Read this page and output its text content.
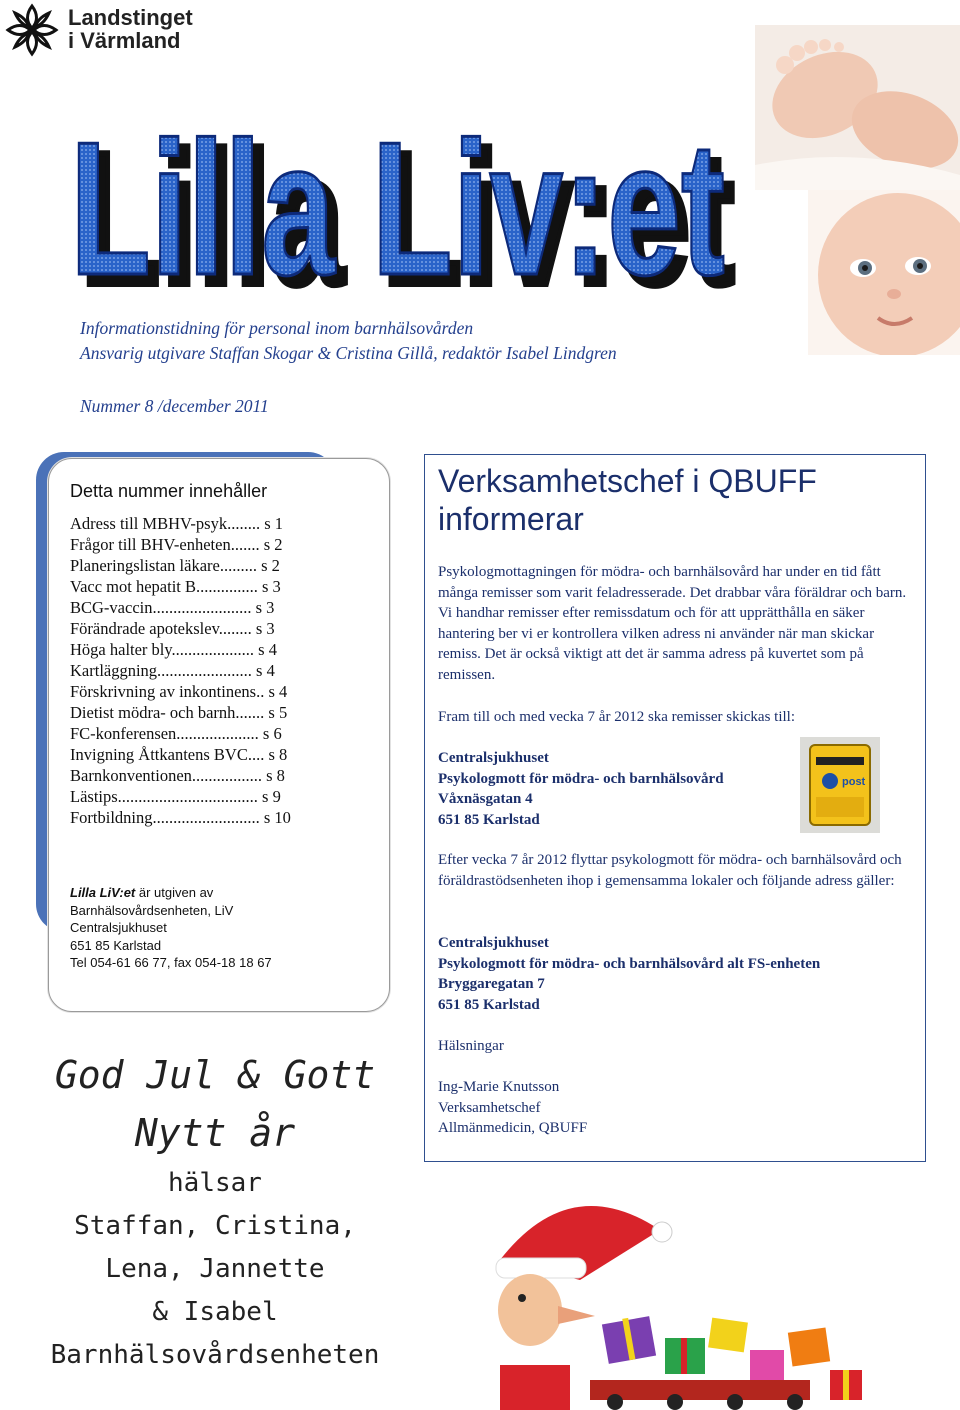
Landstinget
i Värmland
Lilla Liv:et
Lilla Liv:et
Informationstidning för personal inom barnhälsovården
Ansvarig utgivare Staffan Skogar & Cristina Gillå, redaktör Isabel Lindgren
Nummer 8 /december 2011
Detta nummer innehåller
Adress till MBHV-psyk........ s 1
Frågor till BHV-enheten....... s 2
Planeringslistan läkare......... s 2
Vacc mot hepatit B............... s 3
BCG-vaccin........................ s 3
Förändrade apotekslev........ s 3
Höga halter bly.................... s 4
Kartläggning....................... s 4
Förskrivning av inkontinens.. s 4
Dietist mödra- och barnh....... s 5
FC-konferensen.................... s 6
Invigning Åttkantens BVC.... s 8
Barnkonventionen................. s 8
Lästips.................................. s 9
Fortbildning.......................... s 10
Lilla LiV:et är utgiven av
Barnhälsovårdsenheten, LiV
Centralsjukhuset
651 85 Karlstad
Tel 054-61 66 77, fax 054-18 18 67
Verksamhetschef i QBUFF
informerar
Psykologmottagningen för mödra- och barnhälsovård har under en tid fått många remisser som varit feladresserade. Det drabbar våra föräldrar och barn. Vi handhar remisser efter remissdatum och för att upprätthålla en säker hantering ber vi er kontrollera vilken adress ni använder när man skickar remiss. Det är också viktigt att det är samma adress på kuvertet som på remissen.
Fram till och med vecka 7 år 2012 ska remisser skickas till:
Centralsjukhuset
Psykologmott för mödra- och barnhälsovård
Våxnäsgatan 4
651 85 Karlstad
post
Efter vecka 7 år 2012 flyttar psykologmott för mödra- och barnhälsovård och föräldrastödsenheten ihop i gemensamma lokaler och följande adress gäller:
Centralsjukhuset
Psykologmott för mödra- och barnhälsovård alt FS-enheten
Bryggaregatan 7
651 85 Karlstad
Hälsningar
Ing-Marie Knutsson
Verksamhetschef
Allmänmedicin, QBUFF
God Jul & Gott
Nytt år
hälsar
Staffan, Cristina,
Lena, Jannette
& Isabel
Barnhälsovårdsenheten
